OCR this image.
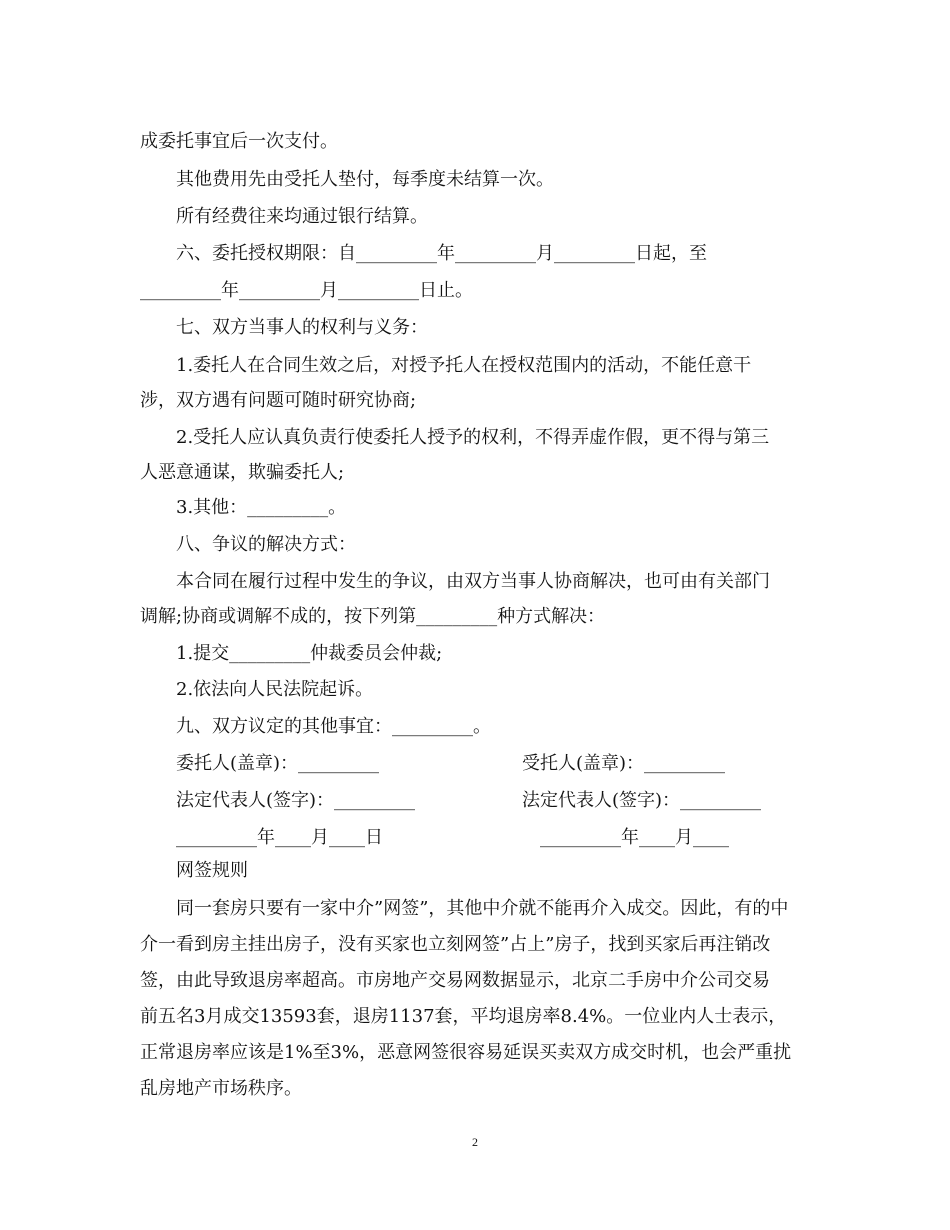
成委托事宜后一次支付。
其他费用先由受托人垫付，每季度未结算一次。
所有经费往来均通过银行结算。
六、委托授权期限：自_________年_________月_________日起，至
_________年_________月_________日止。
七、双方当事人的权利与义务：
1.委托人在合同生效之后，对授予托人在授权范围内的活动，不能任意干
涉，双方遇有问题可随时研究协商;
2.受托人应认真负责行使委托人授予的权利，不得弄虚作假，更不得与第三
人恶意通谋，欺骗委托人;
3.其他：_________。
八、争议的解决方式：
本合同在履行过程中发生的争议，由双方当事人协商解决，也可由有关部门
调解;协商或调解不成的，按下列第_________种方式解决：
1.提交_________仲裁委员会仲裁;
2.依法向人民法院起诉。
九、双方议定的其他事宜：_________。
委托人(盖章)：_________	受托人(盖章)：_________
法定代表人(签字)：_________	法定代表人(签字)：_________
_________年____月____日	_________年____月____
网签规则
同一套房只要有一家中介”网签”，其他中介就不能再介入成交。因此，有的中
介一看到房主挂出房子，没有买家也立刻网签”占上”房子，找到买家后再注销改
签，由此导致退房率超高。市房地产交易网数据显示，北京二手房中介公司交易
前五名3月成交13593套，退房1137套，平均退房率8.4%。一位业内人士表示，
正常退房率应该是1%至3%，恶意网签很容易延误买卖双方成交时机，也会严重扰
乱房地产市场秩序。
2
